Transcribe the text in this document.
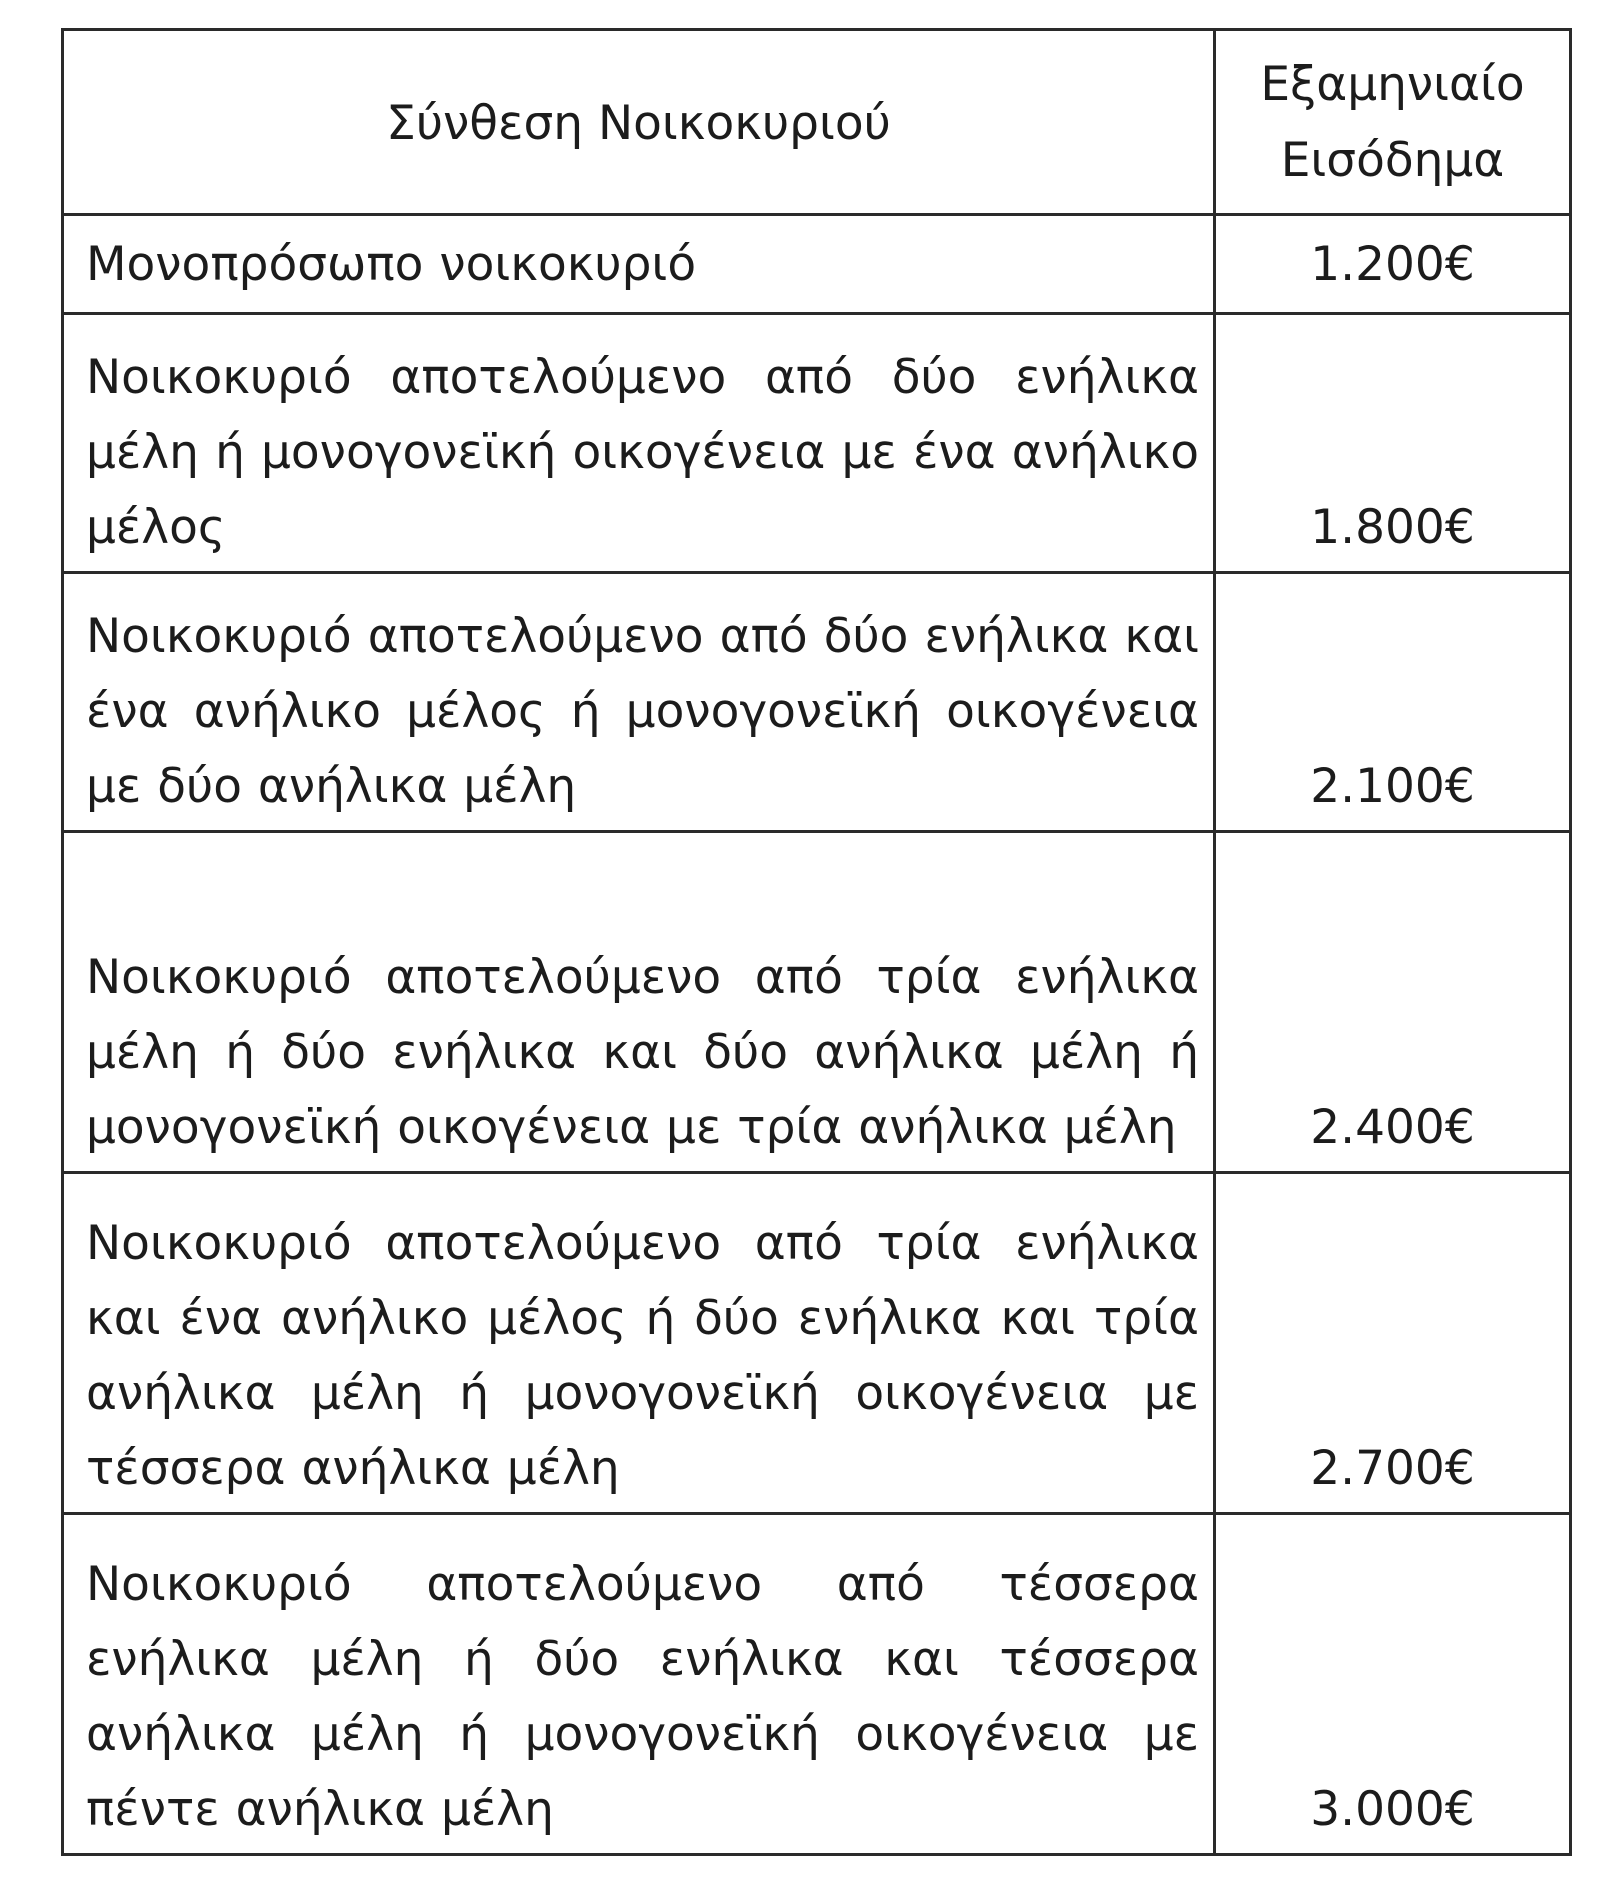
Σύνθεση Νοικοκυριού	Εξαμηνιαίο Εισόδημα
Μονοπρόσωπο νοικοκυριό	1.200€
Νοικοκυριό αποτελούμενο από δύο ενήλικα μέλη ή μονογονεϊκή οικογένεια με ένα ανήλικο μέλος	1.800€
Νοικοκυριό αποτελούμενο από δύο ενήλικα και ένα ανήλικο μέλος ή μονογονεϊκή οικογένεια με δύο ανήλικα μέλη	2.100€
Νοικοκυριό αποτελούμενο από τρία ενήλικα μέλη ή δύο ενήλικα και δύο ανήλικα μέλη ή μονογονεϊκή οικογένεια με τρία ανήλικα μέλη	2.400€
Νοικοκυριό αποτελούμενο από τρία ενήλικα και ένα ανήλικο μέλος ή δύο ενήλικα και τρία ανήλικα μέλη ή μονογονεϊκή οικογένεια με τέσσερα ανήλικα μέλη	2.700€
Νοικοκυριό αποτελούμενο από τέσσερα ενήλικα μέλη ή δύο ενήλικα και τέσσερα ανήλικα μέλη ή μονογονεϊκή οικογένεια με πέντε ανήλικα μέλη	3.000€
